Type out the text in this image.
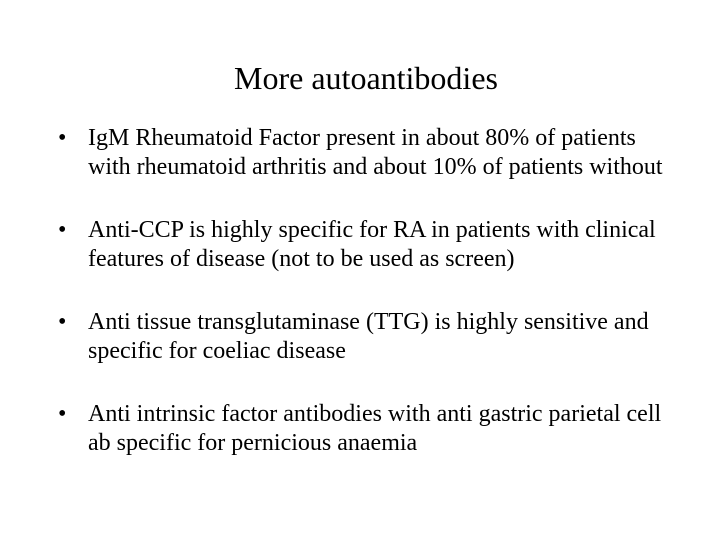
More autoantibodies
• IgM Rheumatoid Factor present in about 80% of patients with rheumatoid arthritis and about 10% of patients without
• Anti-CCP is highly specific for RA in patients with clinical features of disease (not to be used as screen)
• Anti tissue transglutaminase (TTG) is highly sensitive and specific for coeliac disease
• Anti intrinsic factor antibodies with anti gastric parietal cell ab specific for pernicious anaemia
